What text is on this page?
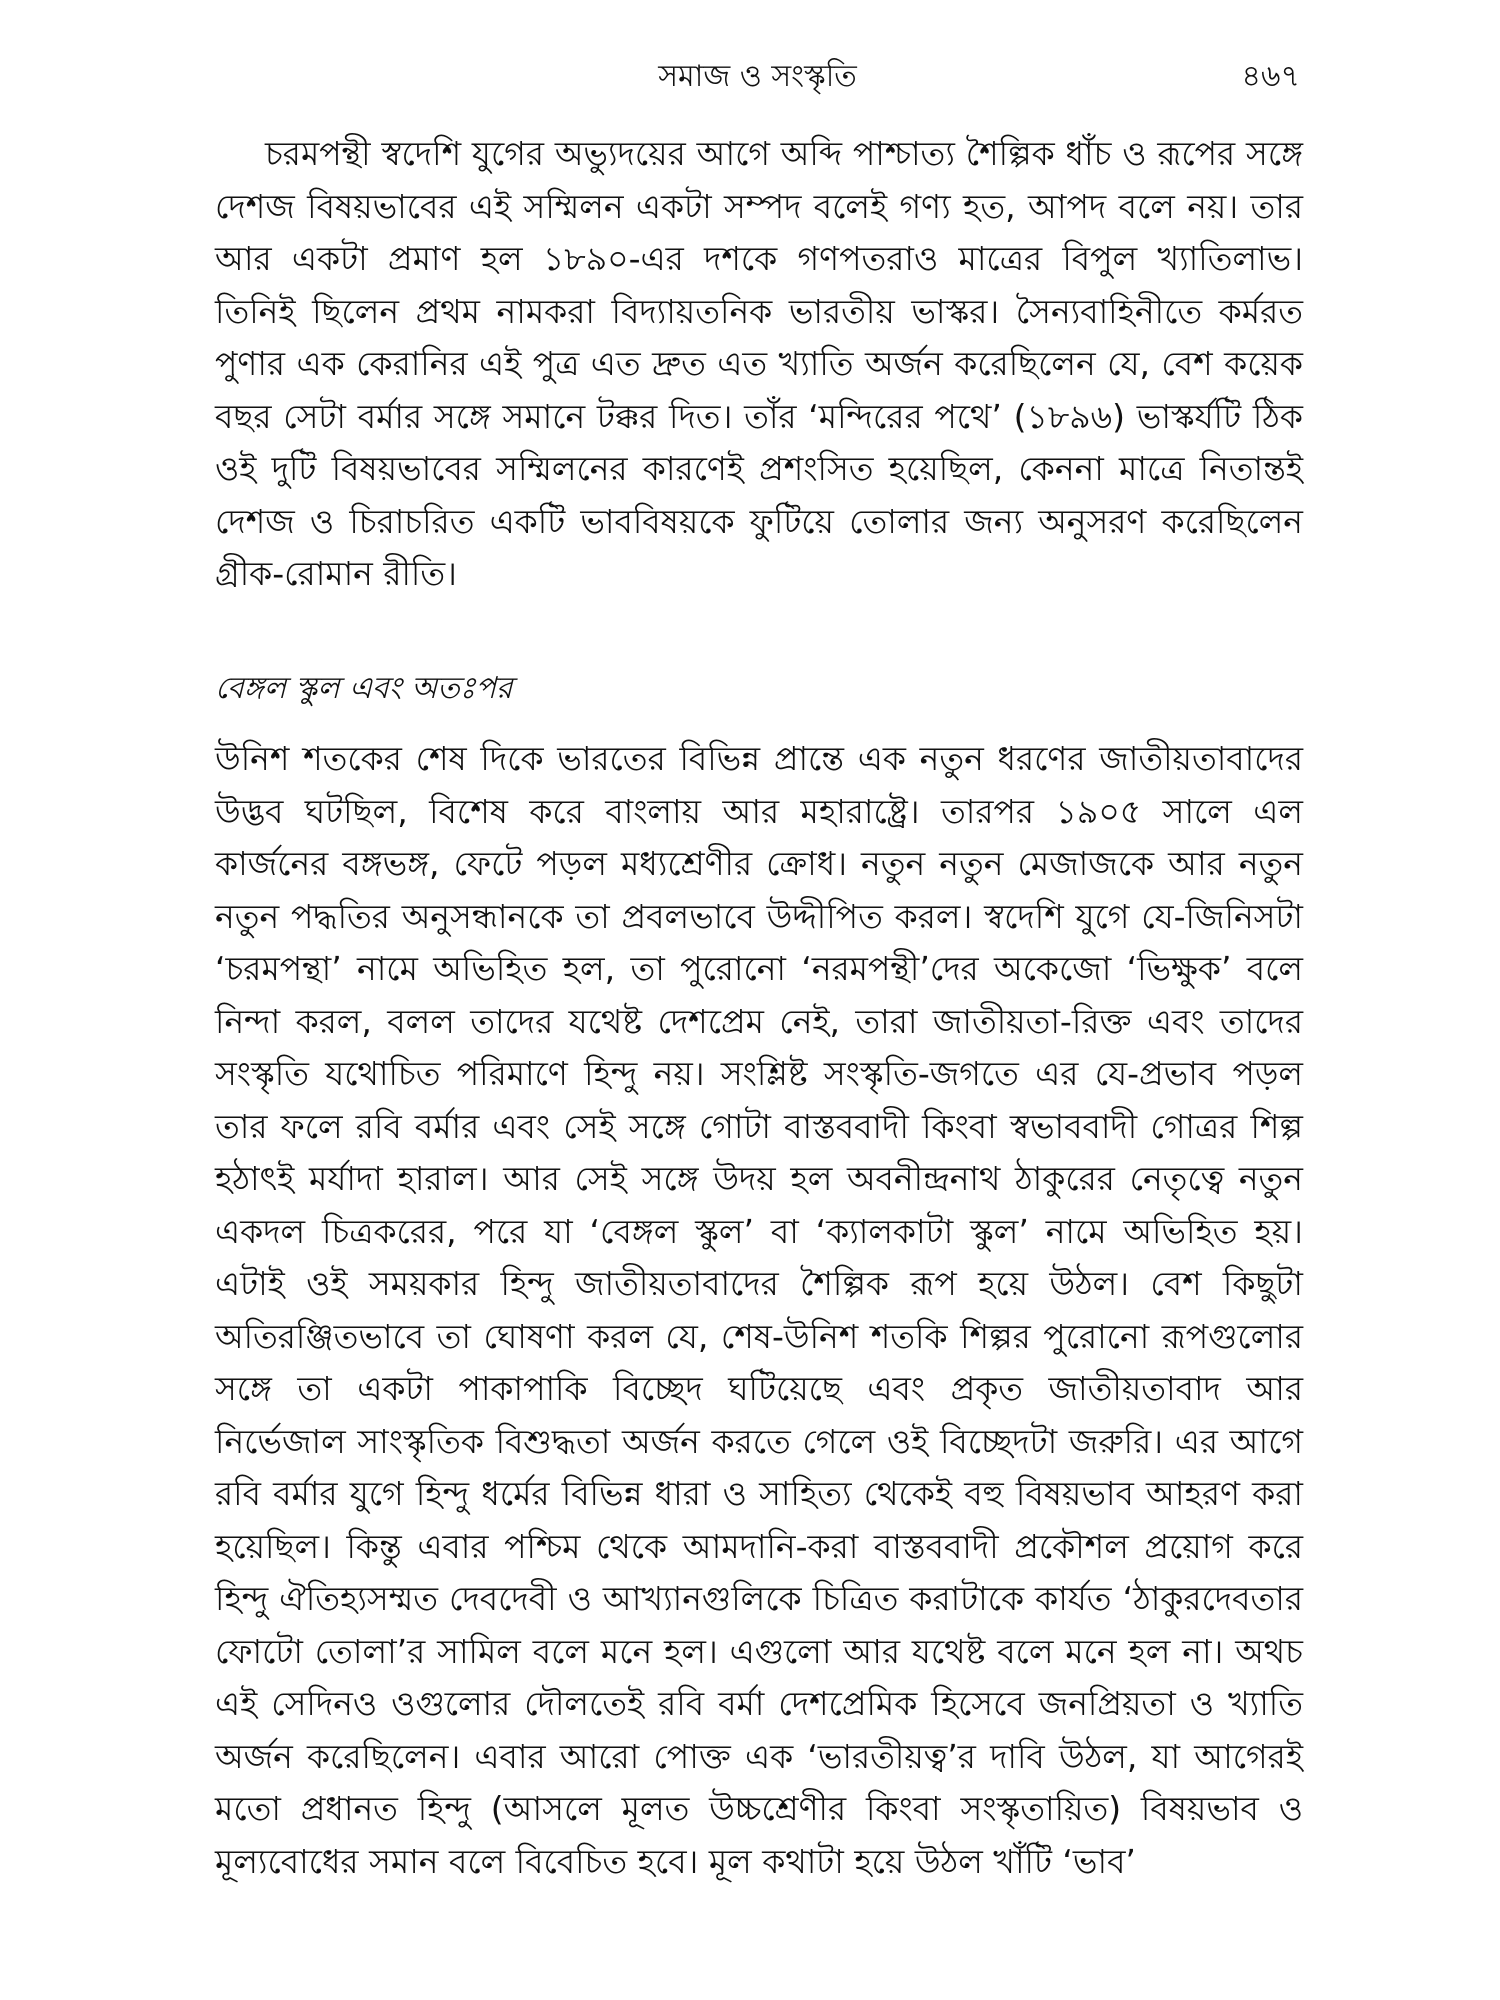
সমাজ ও সংস্কৃতি	৪৬৭

চরমপন্থী স্বদেশি যুগের অভ্যুদয়ের আগে অব্দি পাশ্চাত্য শৈল্পিক ধাঁচ ও রূপের সঙ্গে দেশজ বিষয়ভাবের এই সম্মিলন একটা সম্পদ বলেই গণ্য হত, আপদ বলে নয়। তার আর একটা প্রমাণ হল ১৮৯০-এর দশকে গণপতরাও মাত্রের বিপুল খ্যাতিলাভ। তিনিই ছিলেন প্রথম নামকরা বিদ্যায়তনিক ভারতীয় ভাস্কর। সৈন্যবাহিনীতে কর্মরত পুণার এক কেরানির এই পুত্র এত দ্রুত এত খ্যাতি অর্জন করেছিলেন যে, বেশ কয়েক বছর সেটা বর্মার সঙ্গে সমানে টক্কর দিত। তাঁর ‘মন্দিরের পথে’ (১৮৯৬) ভাস্কর্যটি ঠিক ওই দুটি বিষয়ভাবের সম্মিলনের কারণেই প্রশংসিত হয়েছিল, কেননা মাত্রে নিতান্তই দেশজ ও চিরাচরিত একটি ভাববিষয়কে ফুটিয়ে তোলার জন্য অনুসরণ করেছিলেন গ্রীক-রোমান রীতি।

বেঙ্গল স্কুল এবং অতঃপর

উনিশ শতকের শেষ দিকে ভারতের বিভিন্ন প্রান্তে এক নতুন ধরণের জাতীয়তাবাদের উদ্ভব ঘটছিল, বিশেষ করে বাংলায় আর মহারাষ্ট্রে। তারপর ১৯০৫ সালে এল কার্জনের বঙ্গভঙ্গ, ফেটে পড়ল মধ্যশ্রেণীর ক্রোধ। নতুন নতুন মেজাজকে আর নতুন নতুন পদ্ধতির অনুসন্ধানকে তা প্রবলভাবে উদ্দীপিত করল। স্বদেশি যুগে যে-জিনিসটা ‘চরমপন্থা’ নামে অভিহিত হল, তা পুরোনো ‘নরমপন্থী’দের অকেজো ‘ভিক্ষুক’ বলে নিন্দা করল, বলল তাদের যথেষ্ট দেশপ্রেম নেই, তারা জাতীয়তা-রিক্ত এবং তাদের সংস্কৃতি যথোচিত পরিমাণে হিন্দু নয়। সংশ্লিষ্ট সংস্কৃতি-জগতে এর যে-প্রভাব পড়ল তার ফলে রবি বর্মার এবং সেই সঙ্গে গোটা বাস্তববাদী কিংবা স্বভাববাদী গোত্রর শিল্প হঠাৎই মর্যাদা হারাল। আর সেই সঙ্গে উদয় হল অবনীন্দ্রনাথ ঠাকুরের নেতৃত্বে নতুন একদল চিত্রকরের, পরে যা ‘বেঙ্গল স্কুল’ বা ‘ক্যালকাটা স্কুল’ নামে অভিহিত হয়। এটাই ওই সময়কার হিন্দু জাতীয়তাবাদের শৈল্পিক রূপ হয়ে উঠল। বেশ কিছুটা অতিরঞ্জিতভাবে তা ঘোষণা করল যে, শেষ-উনিশ শতকি শিল্পর পুরোনো রূপগুলোর সঙ্গে তা একটা পাকাপাকি বিচ্ছেদ ঘটিয়েছে এবং প্রকৃত জাতীয়তাবাদ আর নির্ভেজাল সাংস্কৃতিক বিশুদ্ধতা অর্জন করতে গেলে ওই বিচ্ছেদটা জরুরি। এর আগে রবি বর্মার যুগে হিন্দু ধর্মের বিভিন্ন ধারা ও সাহিত্য থেকেই বহু বিষয়ভাব আহরণ করা হয়েছিল। কিন্তু এবার পশ্চিম থেকে আমদানি-করা বাস্তববাদী প্রকৌশল প্রয়োগ করে হিন্দু ঐতিহ্যসম্মত দেবদেবী ও আখ্যানগুলিকে চিত্রিত করাটাকে কার্যত ‘ঠাকুরদেবতার ফোটো তোলা’র সামিল বলে মনে হল। এগুলো আর যথেষ্ট বলে মনে হল না। অথচ এই সেদিনও ওগুলোর দৌলতেই রবি বর্মা দেশপ্রেমিক হিসেবে জনপ্রিয়তা ও খ্যাতি অর্জন করেছিলেন। এবার আরো পোক্ত এক ‘ভারতীয়ত্ব’র দাবি উঠল, যা আগেরই মতো প্রধানত হিন্দু (আসলে মূলত উচ্চশ্রেণীর কিংবা সংস্কৃতায়িত) বিষয়ভাব ও মূল্যবোধের সমান বলে বিবেচিত হবে। মূল কথাটা হয়ে উঠল খাঁটি ‘ভাব’
